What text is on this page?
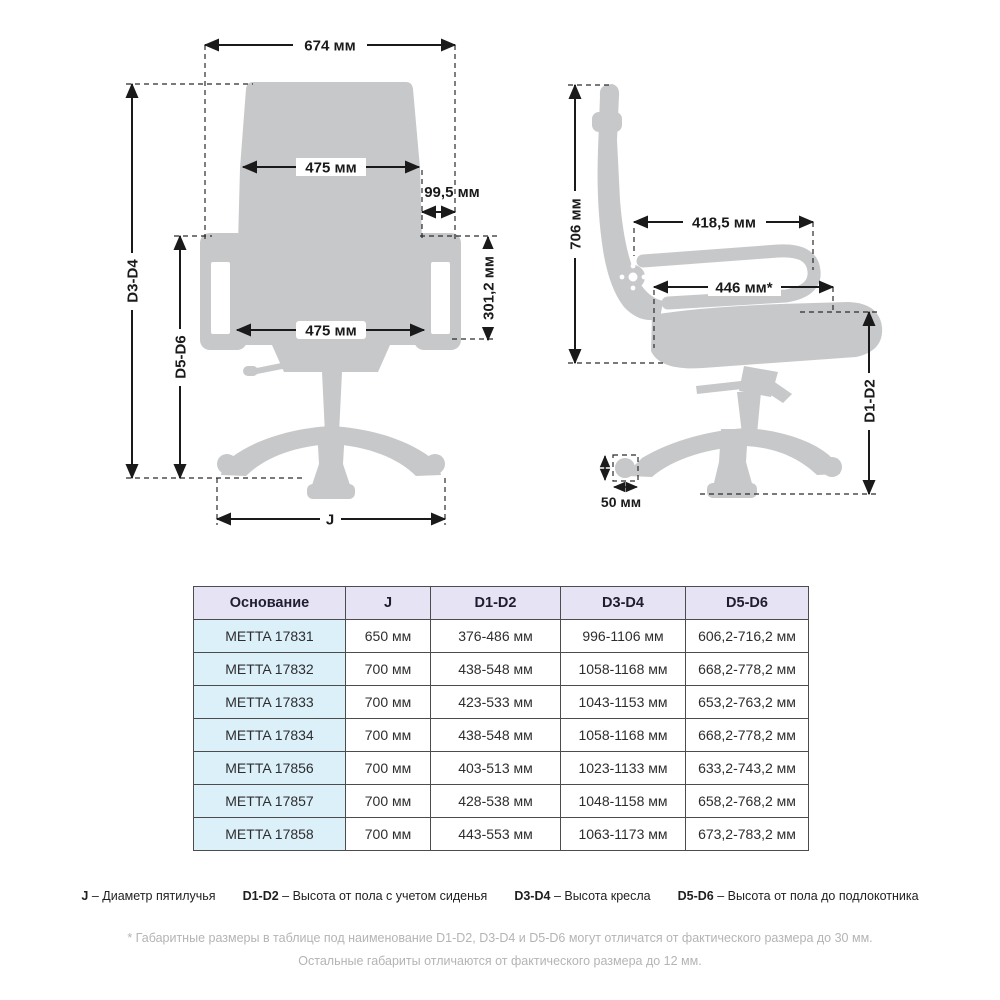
674 мм
475 мм
99,5 мм
301,2 мм
475 мм
D3-D4
D5-D6
J
706 мм	418,5 мм
446 мм*
D1-D2
50 мм
Основание	J	D1-D2	D3-D4	D5-D6
METTA 17831	650 мм	376-486 мм	996-1106 мм	606,2-716,2 мм
METTA 17832	700 мм	438-548 мм	1058-1168 мм	668,2-778,2 мм
METTA 17833	700 мм	423-533 мм	1043-1153 мм	653,2-763,2 мм
METTA 17834	700 мм	438-548 мм	1058-1168 мм	668,2-778,2 мм
METTA 17856	700 мм	403-513 мм	1023-1133 мм	633,2-743,2 мм
METTA 17857	700 мм	428-538 мм	1048-1158 мм	658,2-768,2 мм
METTA 17858	700 мм	443-553 мм	1063-1173 мм	673,2-783,2 мм
J – Диаметр пятилучья D1-D2 – Высота от пола с учетом сиденья D3-D4 – Высота кресла D5-D6 – Высота от пола до подлокотника
* Габаритные размеры в таблице под наименование D1-D2, D3-D4 и D5-D6 могут отличатся от фактического размера до 30 мм.
Остальные габариты отличаются от фактического размера до 12 мм.
